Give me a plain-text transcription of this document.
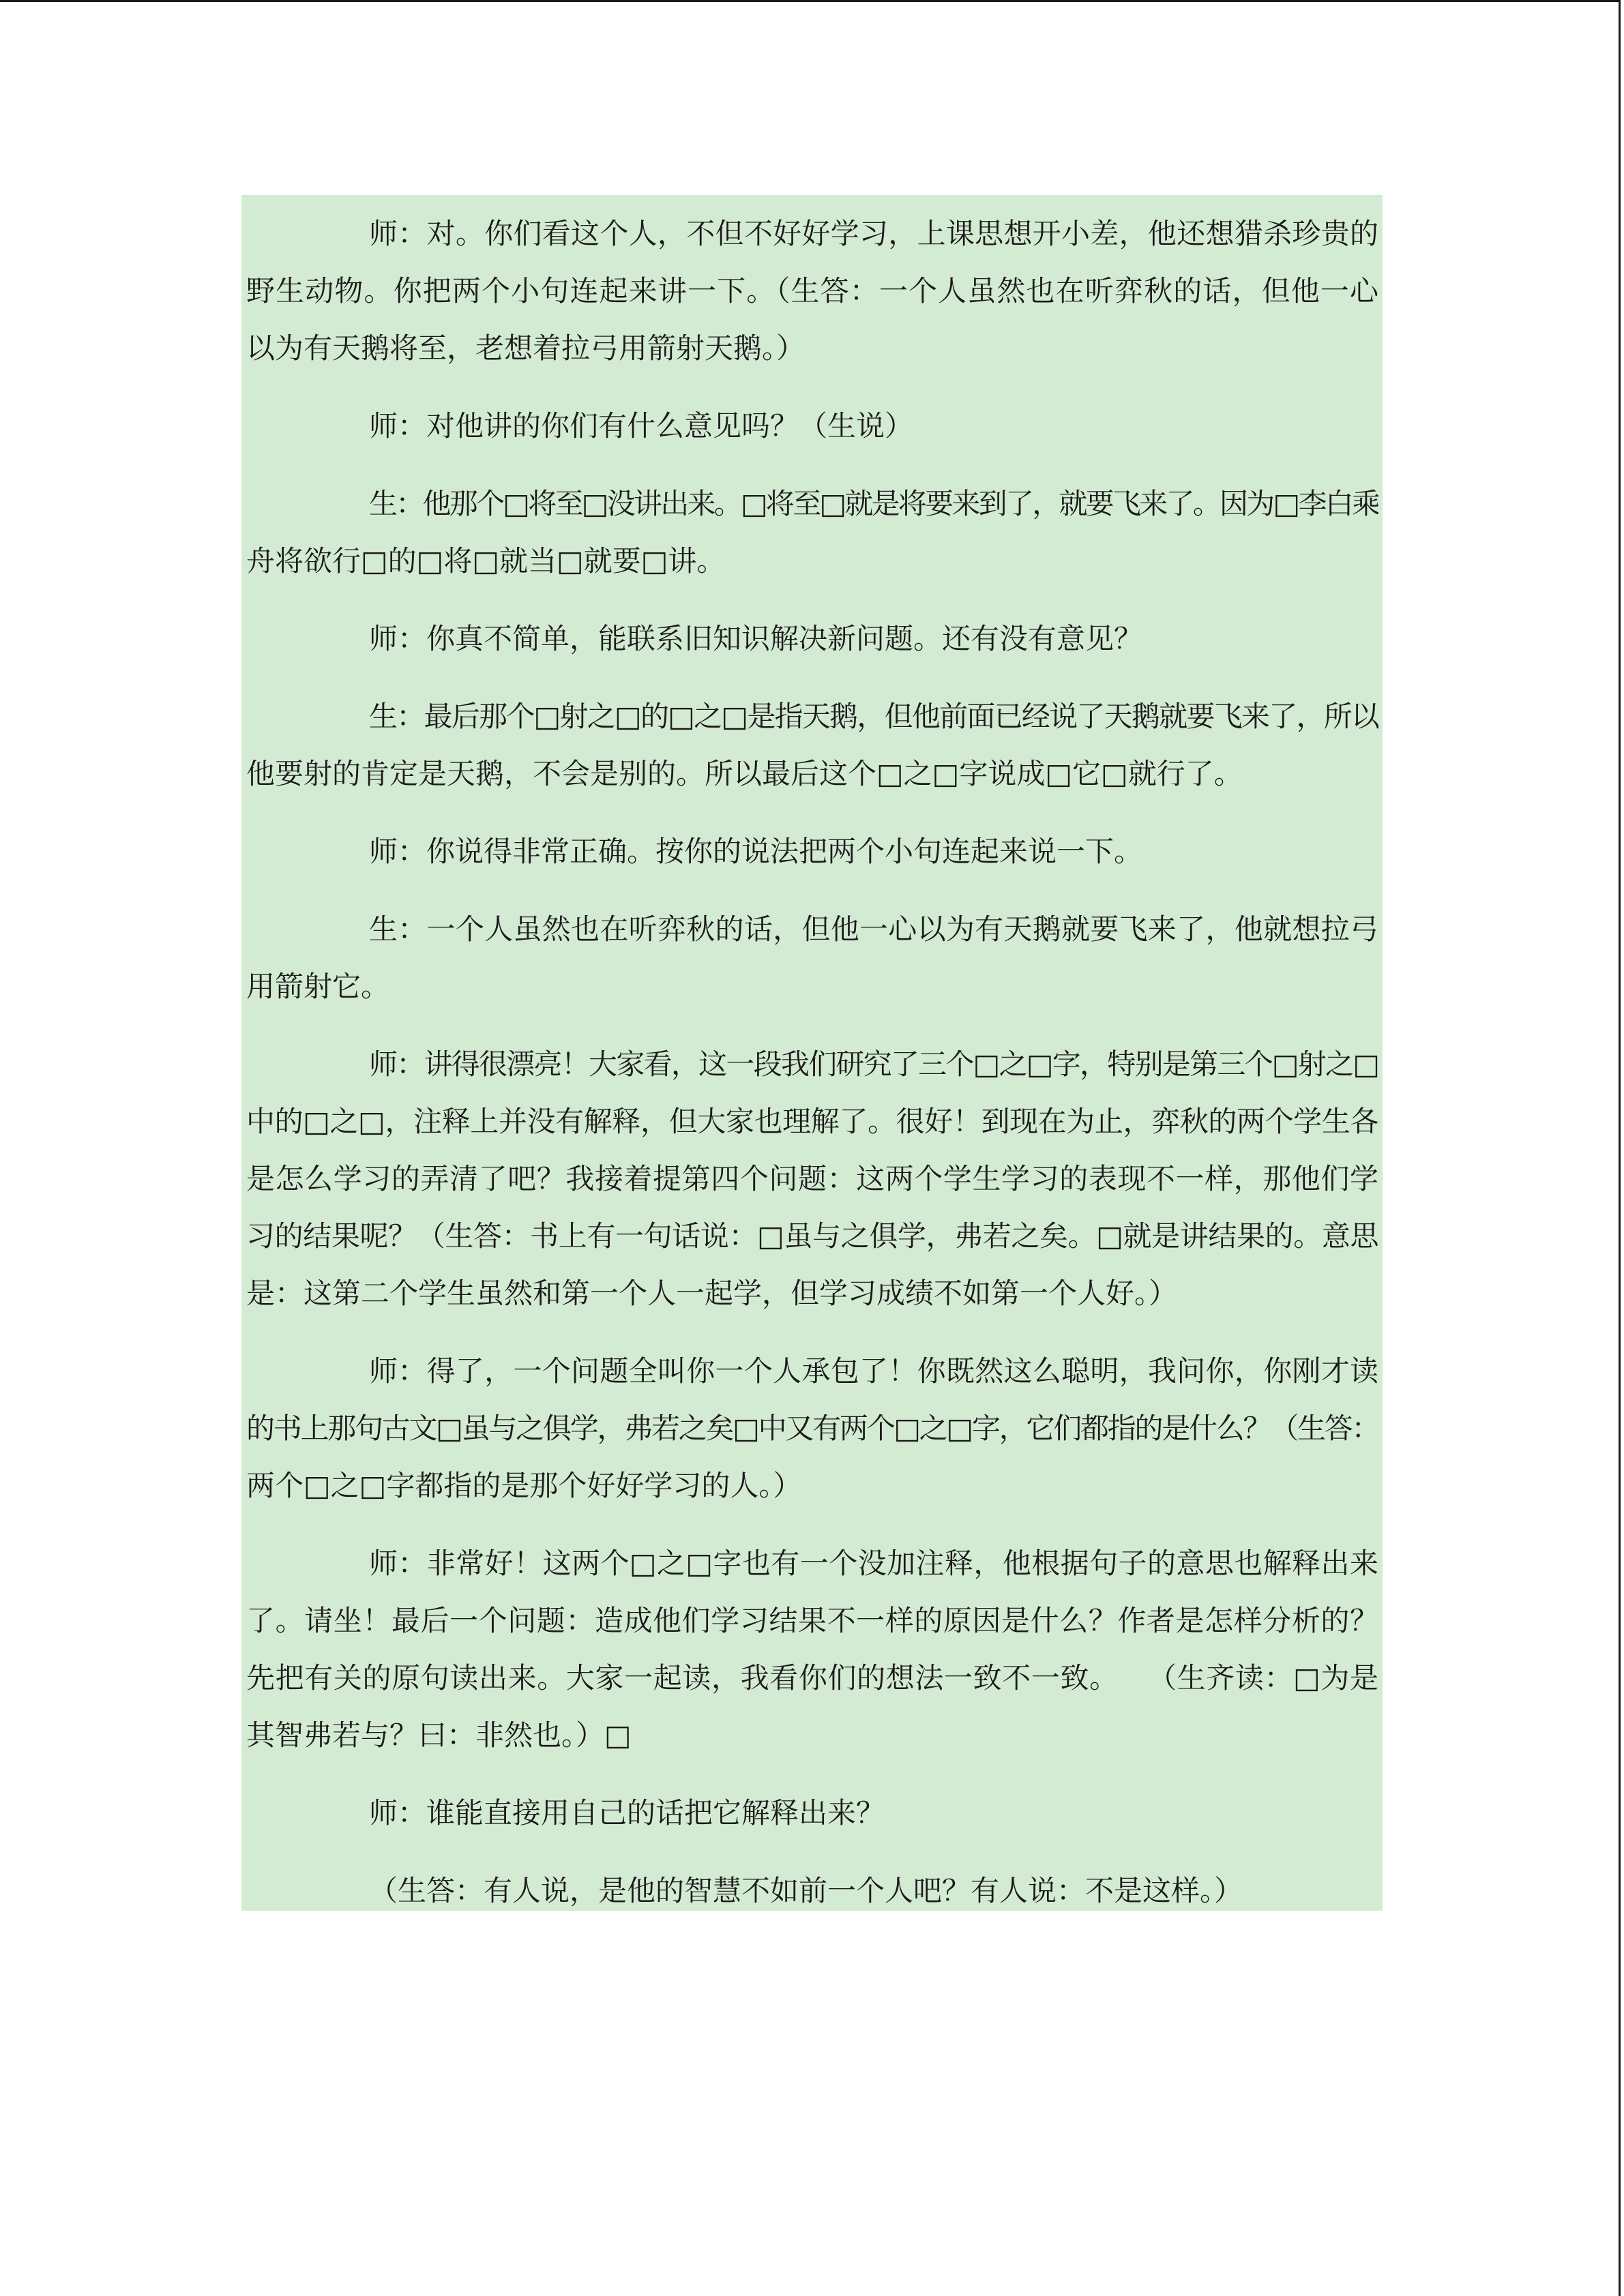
师：对。你们看这个人，不但不好好学习，上课思想开小差，他还想猎杀珍贵的
野生动物。你把两个小句连起来讲一下。（生答：一个人虽然也在听弈秋的话，但他一心
以为有天鹅将至，老想着拉弓用箭射天鹅。）
师：对他讲的你们有什么意见吗？（生说）
生：他那个□将至□没讲出来。□将至□就是将要来到了，就要飞来了。因为□李白乘
舟将欲行□的□将□就当□就要□讲。
师：你真不简单，能联系旧知识解决新问题。还有没有意见？
生：最后那个□射之□的□之□是指天鹅，但他前面已经说了天鹅就要飞来了，所以
他要射的肯定是天鹅，不会是别的。所以最后这个□之□字说成□它□就行了。
师：你说得非常正确。按你的说法把两个小句连起来说一下。
生：一个人虽然也在听弈秋的话，但他一心以为有天鹅就要飞来了，他就想拉弓
用箭射它。
师：讲得很漂亮！大家看，这一段我们研究了三个□之□字，特别是第三个□射之□
中的□之□，注释上并没有解释，但大家也理解了。很好！到现在为止，弈秋的两个学生各
是怎么学习的弄清了吧？我接着提第四个问题：这两个学生学习的表现不一样，那他们学
习的结果呢？（生答：书上有一句话说：□虽与之俱学，弗若之矣。□就是讲结果的。意思
是：这第二个学生虽然和第一个人一起学，但学习成绩不如第一个人好。）
师：得了，一个问题全叫你一个人承包了！你既然这么聪明，我问你，你刚才读
的书上那句古文□虽与之俱学，弗若之矣□中又有两个□之□字，它们都指的是什么？（生答：
两个□之□字都指的是那个好好学习的人。）
师：非常好！这两个□之□字也有一个没加注释，他根据句子的意思也解释出来
了。请坐！最后一个问题：造成他们学习结果不一样的原因是什么？作者是怎样分析的？
先把有关的原句读出来。大家一起读，我看你们的想法一致不一致。　　（生齐读：□为是
其智弗若与？曰：非然也。）□
师：谁能直接用自己的话把它解释出来？
（生答：有人说，是他的智慧不如前一个人吧？有人说：不是这样。）
